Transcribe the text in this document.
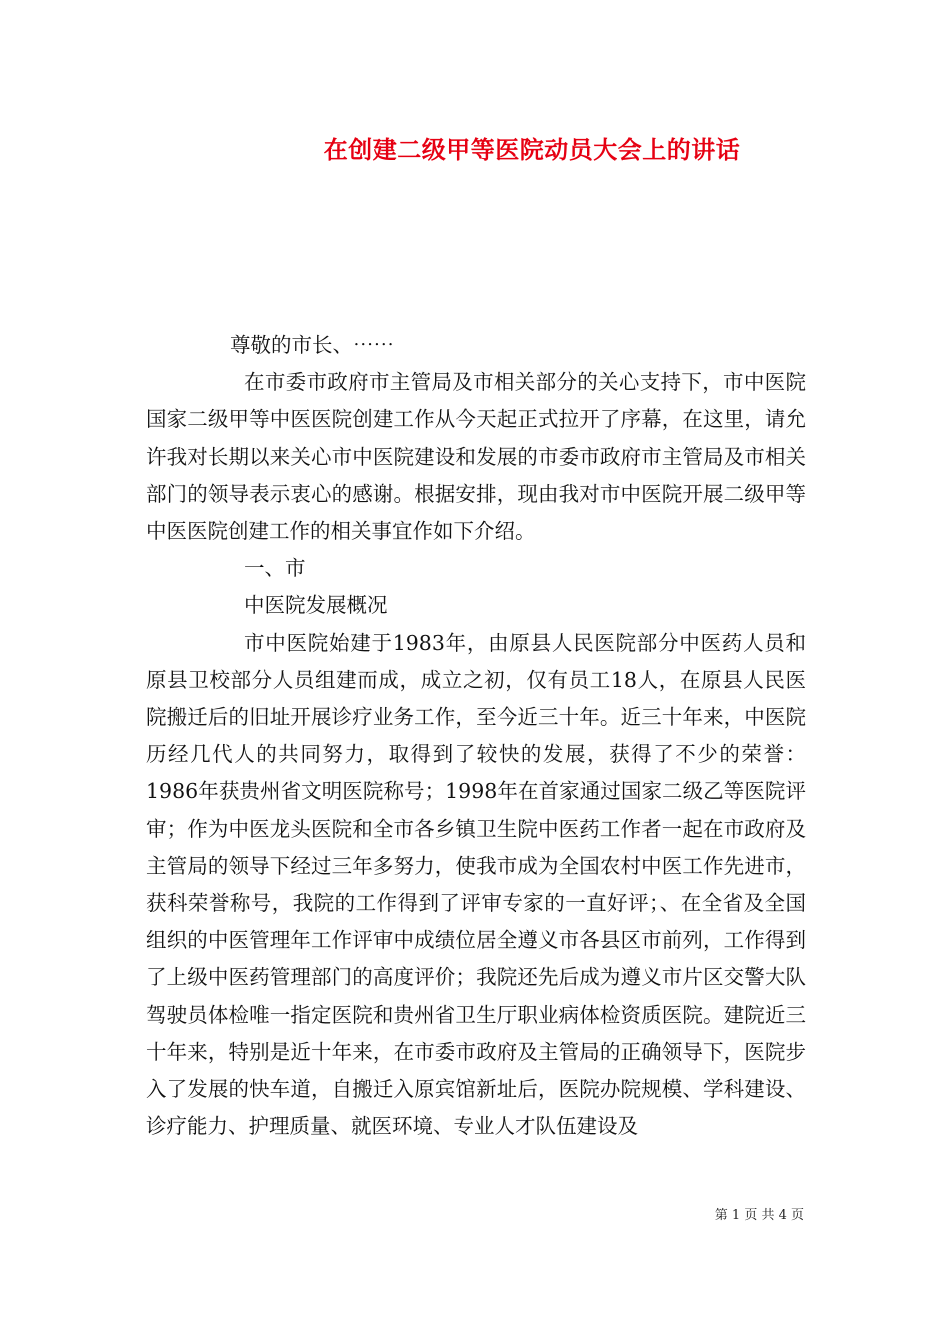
在创建二级甲等医院动员大会上的讲话

尊敬的市长、⋯⋯

在市委市政府市主管局及市相关部分的关心支持下，市中医院国家二级甲等中医医院创建工作从今天起正式拉开了序幕，在这里，请允许我对长期以来关心市中医院建设和发展的市委市政府市主管局及市相关部门的领导表示衷心的感谢。根据安排，现由我对市中医院开展二级甲等中医医院创建工作的相关事宜作如下介绍。

一、市

中医院发展概况

市中医院始建于1983年，由原县人民医院部分中医药人员和原县卫校部分人员组建而成，成立之初，仅有员工18人，在原县人民医院搬迁后的旧址开展诊疗业务工作，至今近三十年。近三十年来，中医院历经几代人的共同努力，取得到了较快的发展，获得了不少的荣誉：1986年获贵州省文明医院称号；1998年在首家通过国家二级乙等医院评审；作为中医龙头医院和全市各乡镇卫生院中医药工作者一起在市政府及主管局的领导下经过三年多努力，使我市成为全国农村中医工作先进市，获科荣誉称号，我院的工作得到了评审专家的一直好评；、在全省及全国组织的中医管理年工作评审中成绩位居全遵义市各县区市前列，工作得到了上级中医药管理部门的高度评价；我院还先后成为遵义市片区交警大队驾驶员体检唯一指定医院和贵州省卫生厅职业病体检资质医院。建院近三十年来，特别是近十年来，在市委市政府及主管局的正确领导下，医院步入了发展的快车道，自搬迁入原宾馆新址后，医院办院规模、学科建设、诊疗能力、护理质量、就医环境、专业人才队伍建设及

第 1 页 共 4 页
